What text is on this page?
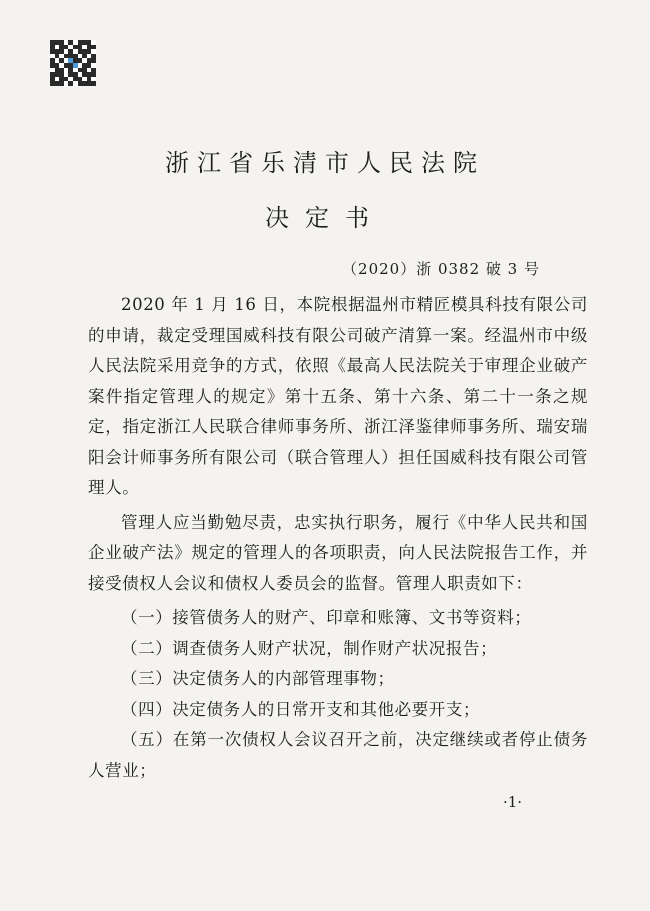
浙江省乐清市人民法院
决定书
（2020）浙 0382 破 3 号

2020 年 1 月 16 日，本院根据温州市精匠模具科技有限公司的申请，裁定受理国威科技有限公司破产清算一案。经温州市中级人民法院采用竞争的方式，依照《最高人民法院关于审理企业破产案件指定管理人的规定》第十五条、第十六条、第二十一条之规定，指定浙江人民联合律师事务所、浙江泽鉴律师事务所、瑞安瑞阳会计师事务所有限公司（联合管理人）担任国威科技有限公司管理人。

管理人应当勤勉尽责，忠实执行职务，履行《中华人民共和国企业破产法》规定的管理人的各项职责，向人民法院报告工作，并接受债权人会议和债权人委员会的监督。管理人职责如下：

（一）接管债务人的财产、印章和账簿、文书等资料；

（二）调查债务人财产状况，制作财产状况报告；

（三）决定债务人的内部管理事物；

（四）决定债务人的日常开支和其他必要开支；

（五）在第一次债权人会议召开之前，决定继续或者停止债务人营业；

·1·
